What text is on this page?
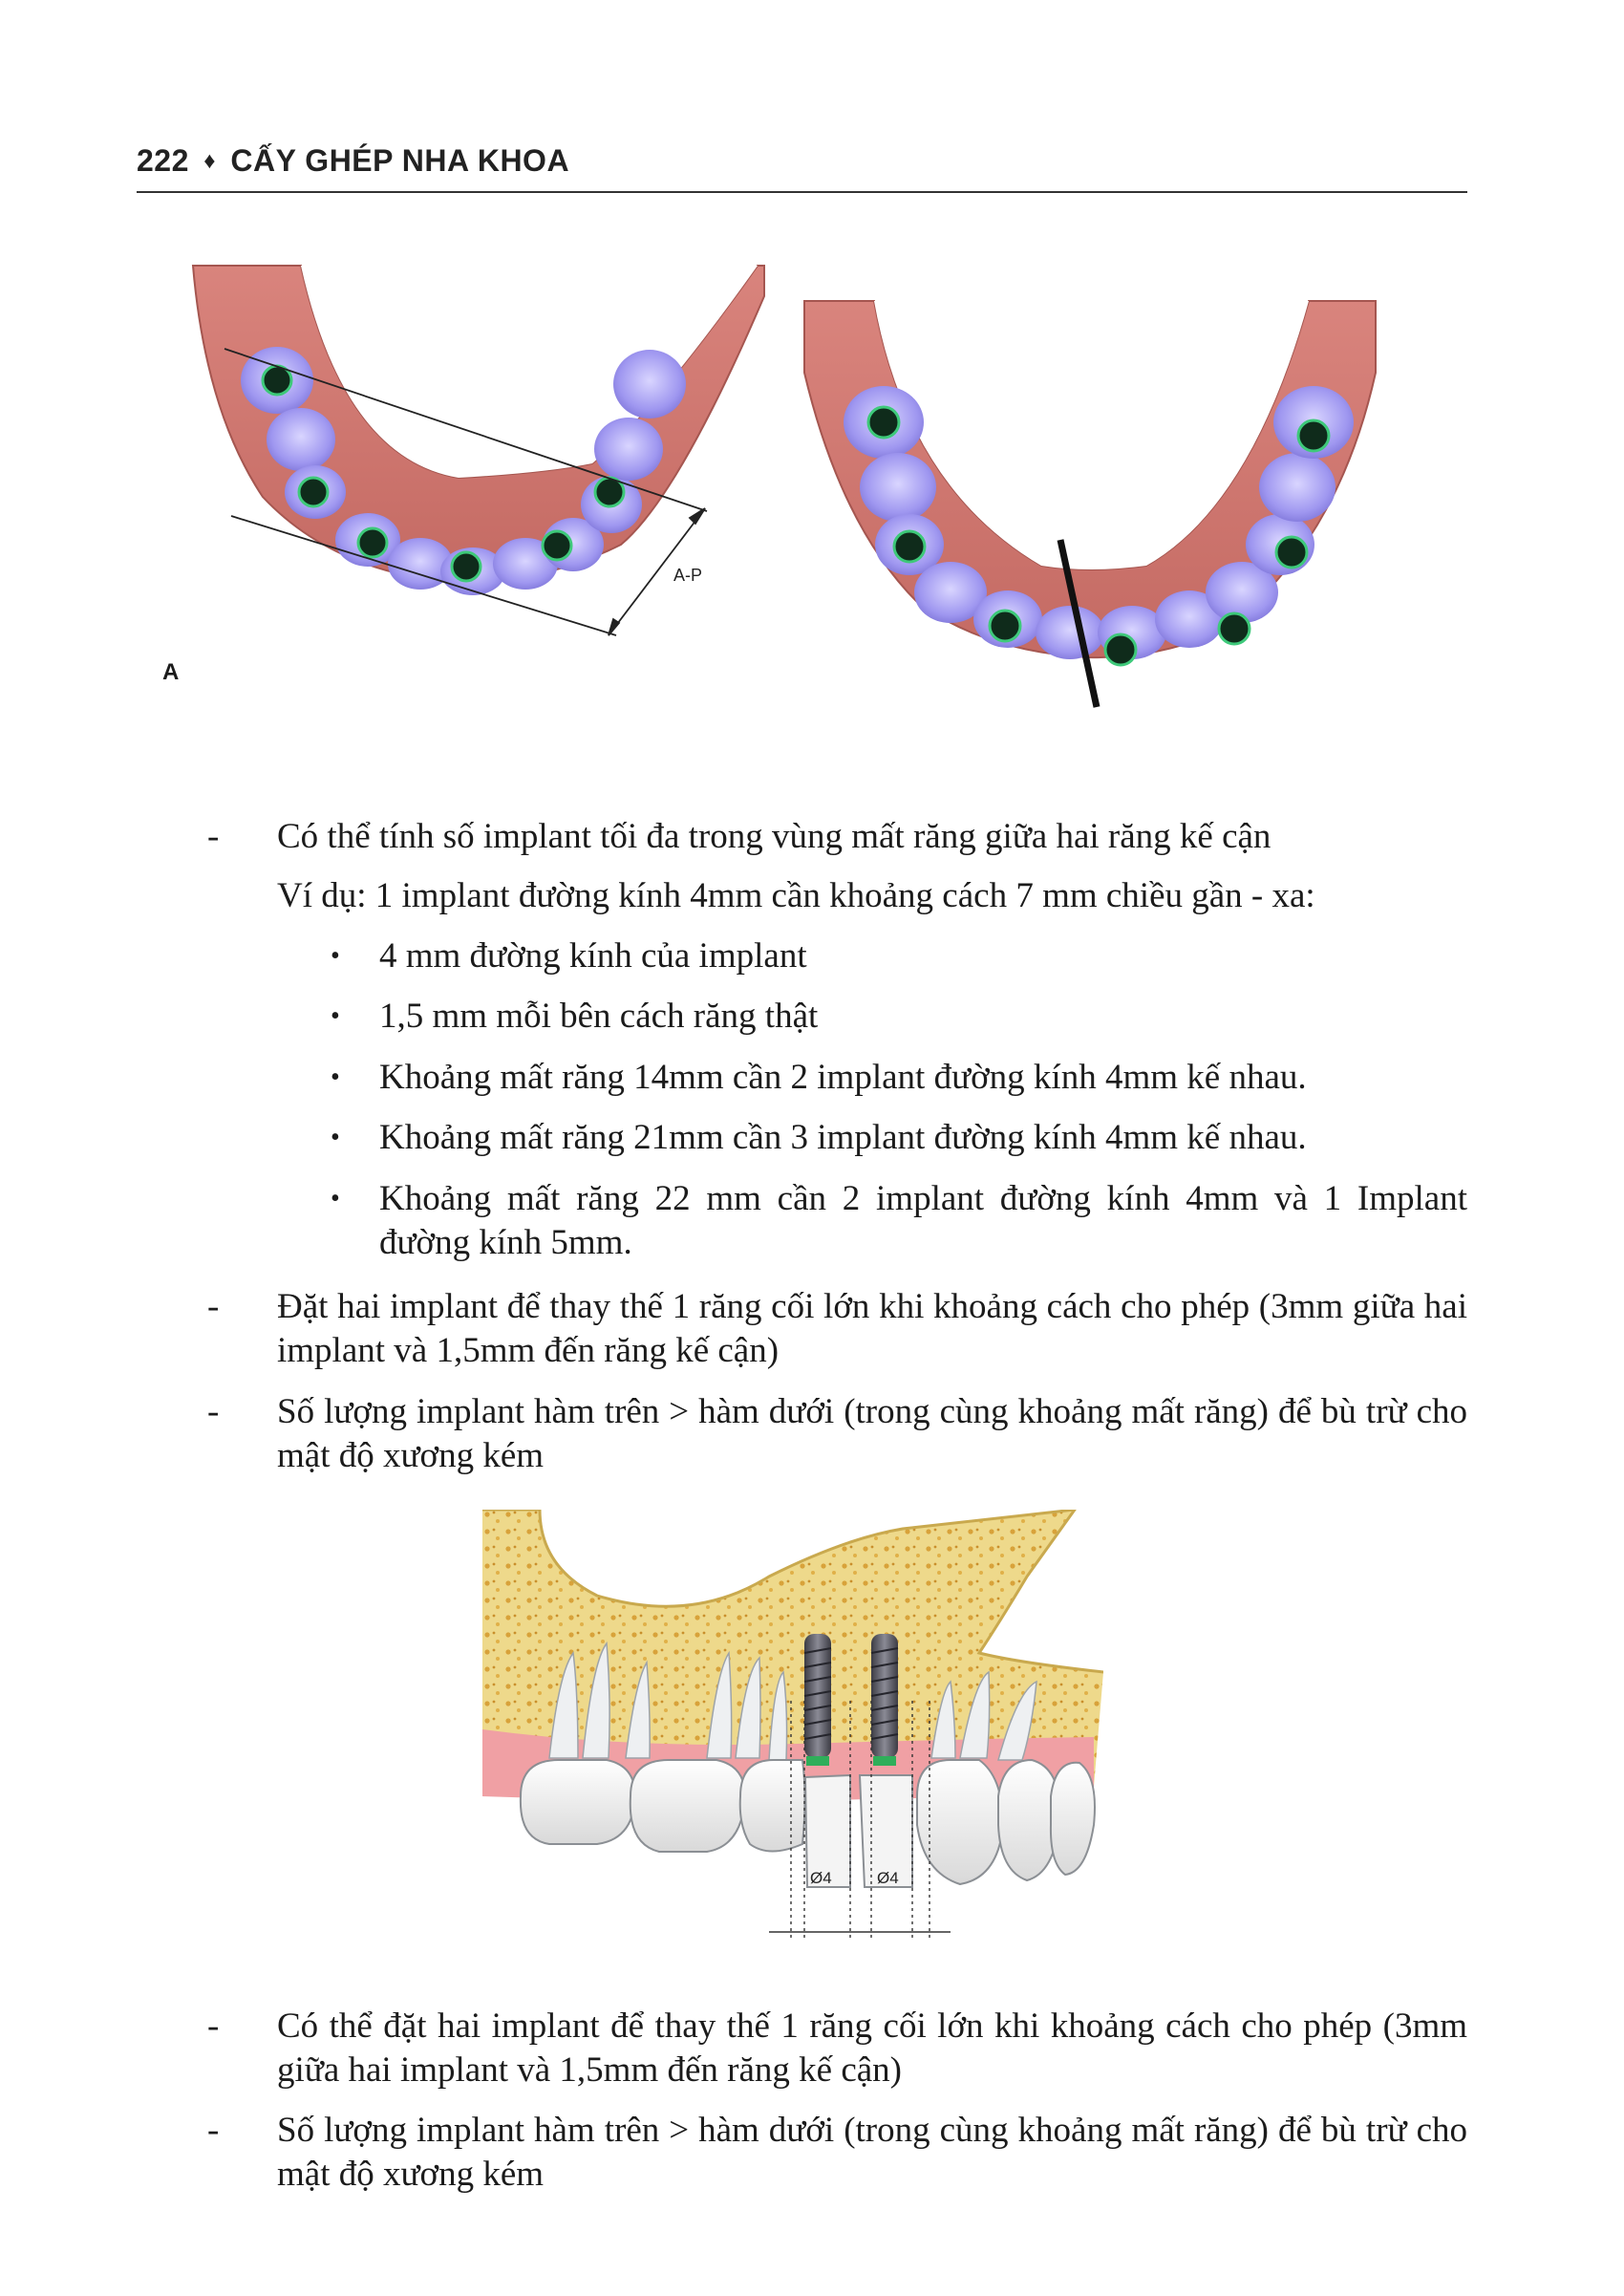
222 ♦ CẤY GHÉP NHA KHOA
A-P
A
- Có thể tính số implant tối đa trong vùng mất răng giữa hai răng kế cận
Ví dụ: 1 implant đường kính 4mm cần khoảng cách 7 mm chiều gần - xa:
• 4 mm đường kính của implant
• 1,5 mm mỗi bên cách răng thật
• Khoảng mất răng 14mm cần 2 implant đường kính 4mm kế nhau.
• Khoảng mất răng 21mm cần 3 implant đường kính 4mm kế nhau.
• Khoảng mất răng 22 mm cần 2 implant đường kính 4mm và 1 Implant đường kính 5mm.
- Đặt hai implant để thay thế 1 răng cối lớn khi khoảng cách cho phép (3mm giữa hai implant và 1,5mm đến răng kế cận)
- Số lượng implant hàm trên > hàm dưới (trong cùng khoảng mất răng) để bù trừ cho mật độ xương kém
Ø4	Ø4
- Có thể đặt hai implant để thay thế 1 răng cối lớn khi khoảng cách cho phép (3mm giữa hai implant và 1,5mm đến răng kế cận)
- Số lượng implant hàm trên > hàm dưới (trong cùng khoảng mất răng) để bù trừ cho mật độ xương kém
